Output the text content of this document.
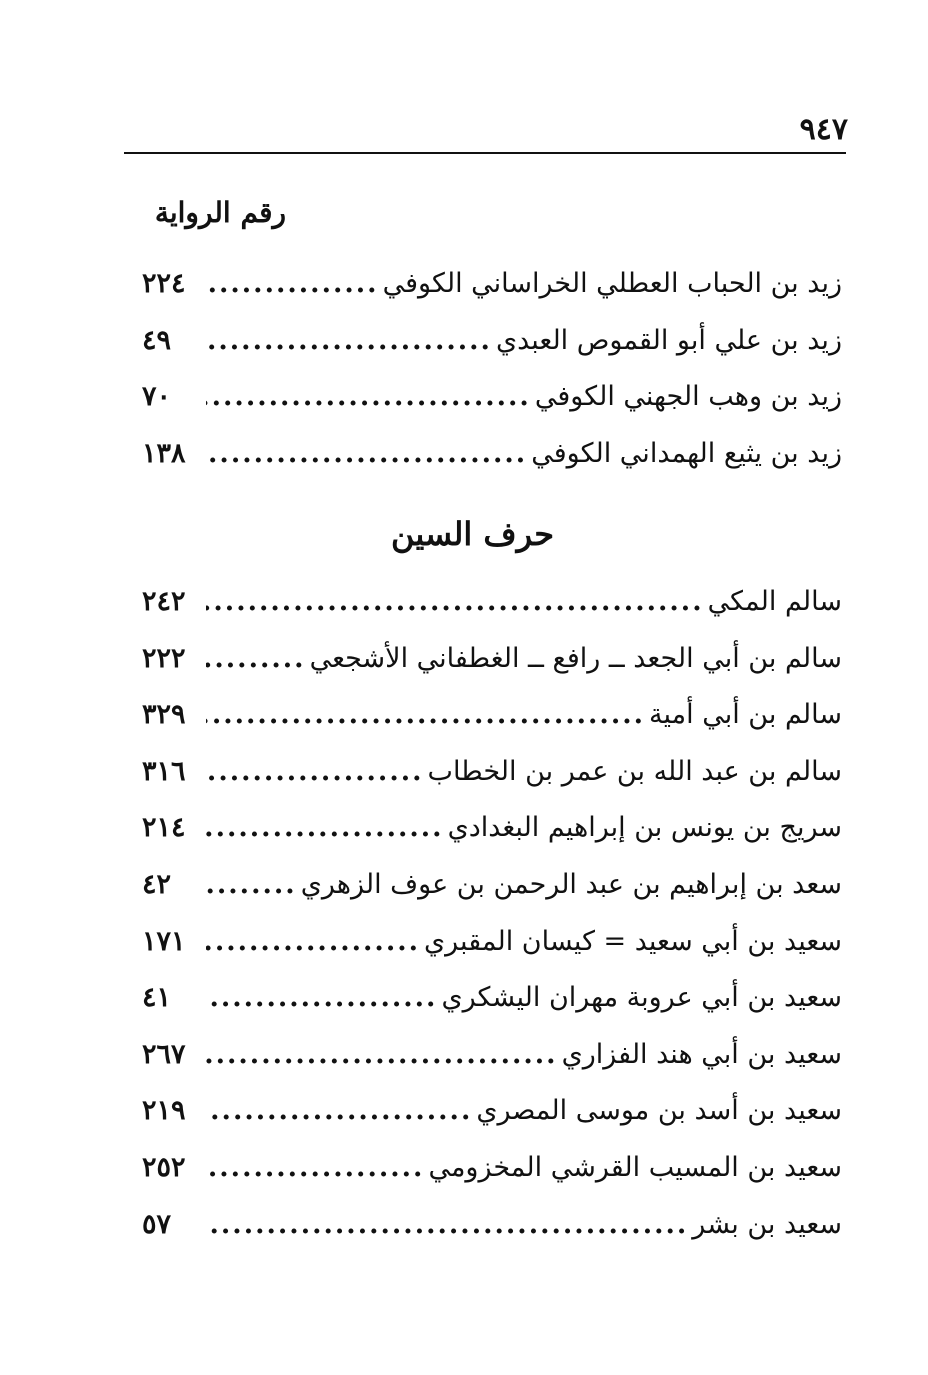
٩٤٧
رقم الرواية
زيد بن الحباب العطلي الخراساني الكوفي
.....
٢٢٤
زيد بن علي أبو القموص العبدي
.....
٤٩
زيد بن وهب الجهني الكوفي
.....
٧٠
زيد بن يثيع الهمداني الكوفي
.....
١٣٨
حرف السين
سالم المكي
.....
٢٤٢
سالم بن أبي الجعد ــ رافع ــ الغطفاني الأشجعي
.....
٢٢٢
سالم بن أبي أمية
.....
٣٢٩
سالم بن عبد الله بن عمر بن الخطاب
.....
٣١٦
سريج بن يونس بن إبراهيم البغدادي
.....
٢١٤
سعد بن إبراهيم بن عبد الرحمن بن عوف الزهري
.....
٤٢
سعيد بن أبي سعيد = كيسان المقبري
.....
١٧١
سعيد بن أبي عروبة مهران اليشكري
.....
٤١
سعيد بن أبي هند الفزاري
.....
٢٦٧
سعيد بن أسد بن موسى المصري
.....
٢١٩
سعيد بن المسيب القرشي المخزومي
.....
٢٥٢
سعيد بن بشر
.....
٥٧
